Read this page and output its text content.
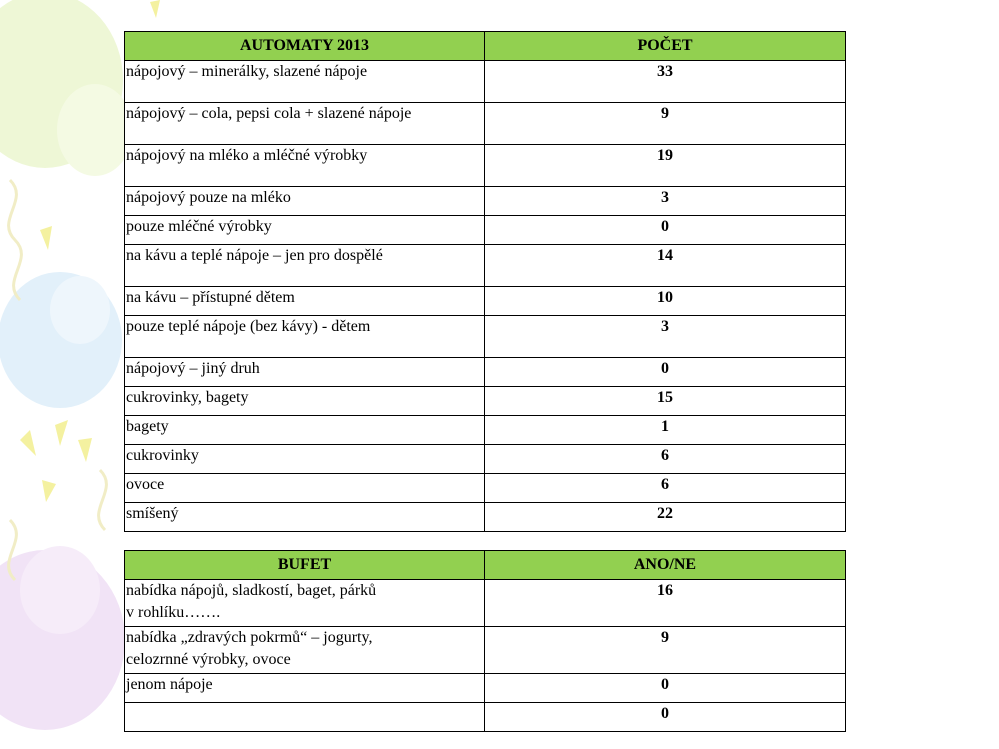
AUTOMATY 2013	POČET
nápojový – minerálky, slazené nápoje	33
nápojový – cola, pepsi cola + slazené nápoje	9
nápojový na mléko a mléčné výrobky	19
nápojový pouze na mléko	3
pouze mléčné výrobky	0
na kávu a teplé nápoje – jen pro dospělé	14
na kávu – přístupné dětem	10
pouze teplé nápoje (bez kávy) - dětem	3
nápojový – jiný druh	0
cukrovinky, bagety	15
bagety	1
cukrovinky	6
ovoce	6
smíšený	22
BUFET	ANO/NE

nabídka nápojů, sladkostí, baget, párků
v rohlíku…….	16

nabídka „zdravých pokrmů“ – jogurty,
celozrnné výrobky, ovoce	9
jenom nápoje	0
	0
